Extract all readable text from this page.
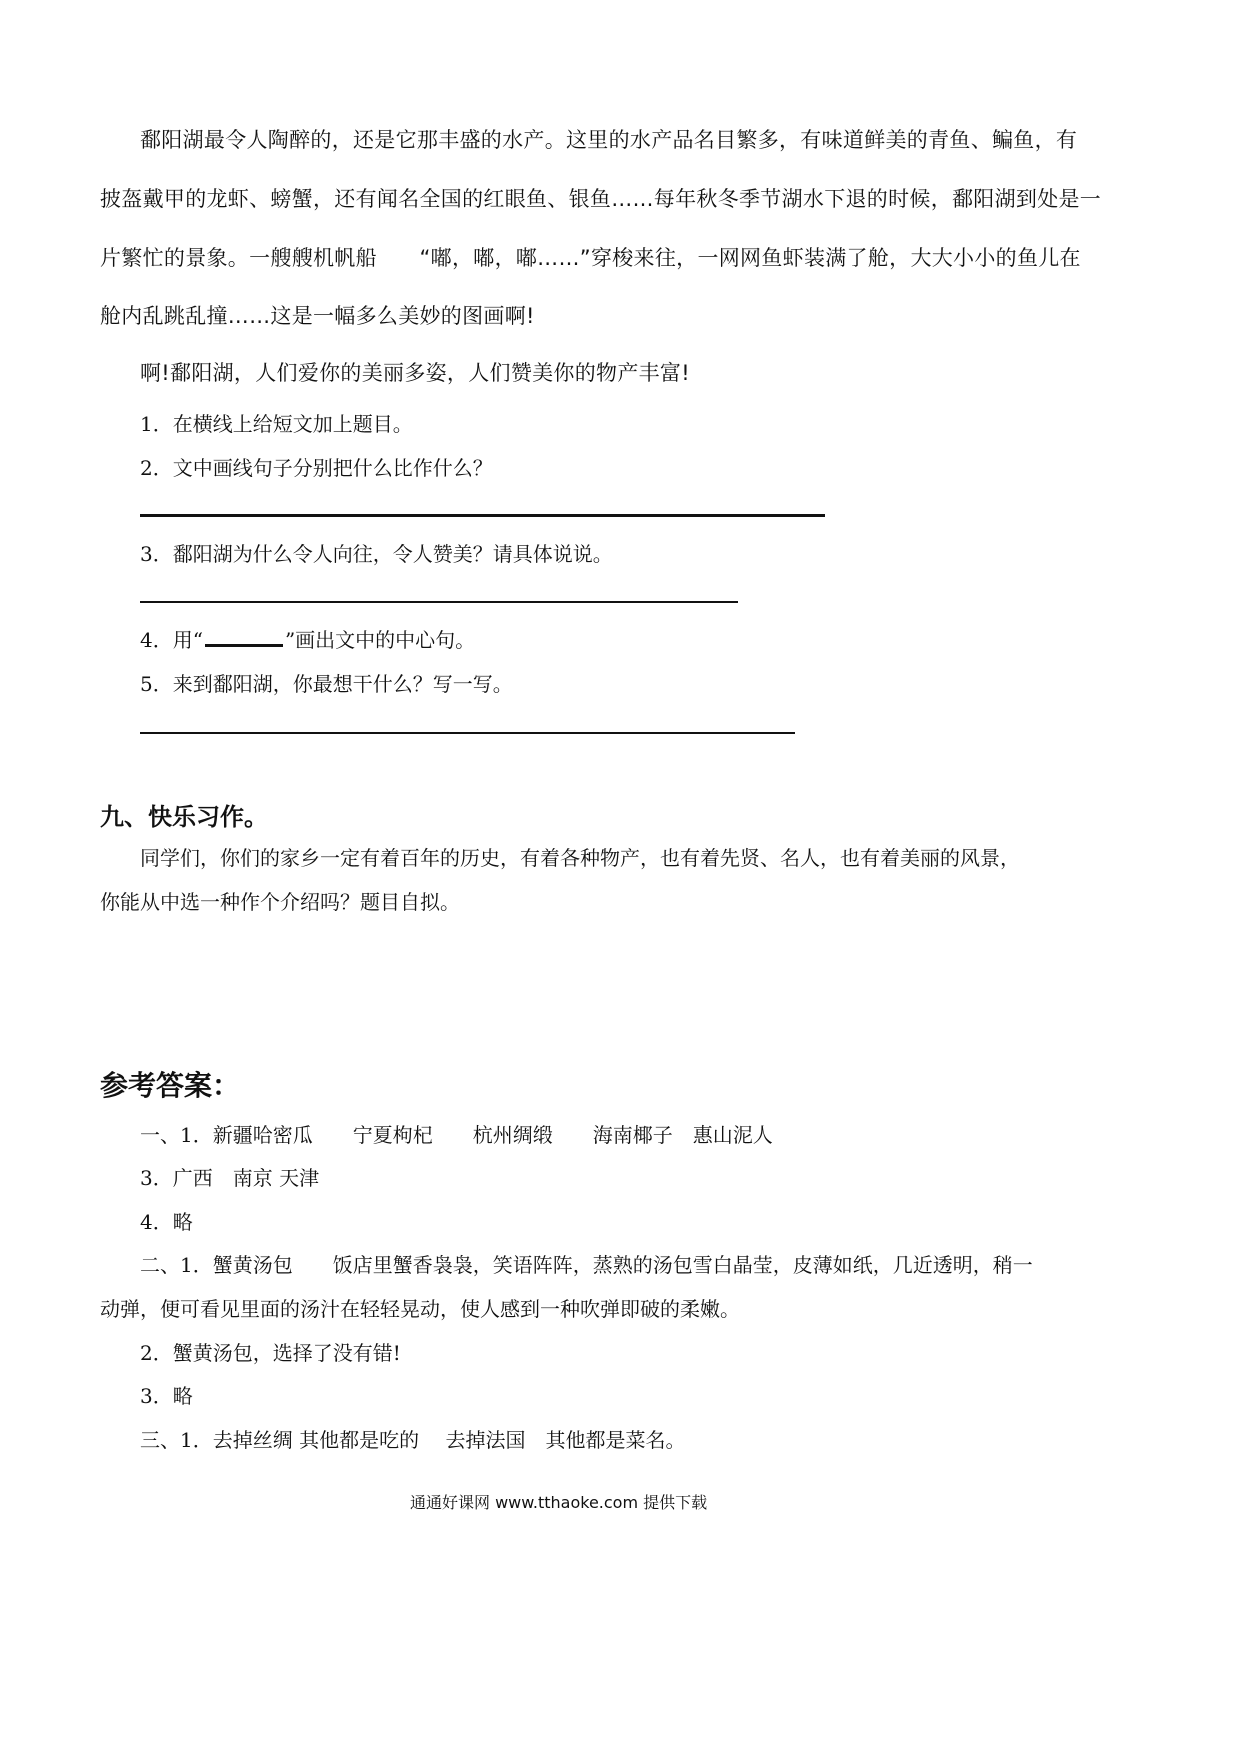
鄱阳湖最令人陶醉的，还是它那丰盛的水产。这里的水产品名目繁多，有味道鲜美的青鱼、鳊鱼，有
披盔戴甲的龙虾、螃蟹，还有闻名全国的红眼鱼、银鱼……每年秋冬季节湖水下退的时候，鄱阳湖到处是一
片繁忙的景象。一艘艘机帆船　　“嘟，嘟，嘟……”穿梭来往，一网网鱼虾装满了舱，大大小小的鱼儿在
舱内乱跳乱撞……这是一幅多么美妙的图画啊!
啊!鄱阳湖，人们爱你的美丽多姿，人们赞美你的物产丰富!
1．在横线上给短文加上题目。
2．文中画线句子分别把什么比作什么？
3．鄱阳湖为什么令人向往，令人赞美？请具体说说。
4．用“	”画出文中的中心句。
5．来到鄱阳湖，你最想干什么？写一写。
九、快乐习作。
同学们，你们的家乡一定有着百年的历史，有着各种物产，也有着先贤、名人，也有着美丽的风景，
你能从中选一种作个介绍吗？题目自拟。
参考答案：
一、1．新疆哈密瓜　　宁夏枸杞　　杭州绸缎　　海南椰子　惠山泥人
3．广西　南京 天津
4．略
二、1．蟹黄汤包　　饭店里蟹香袅袅，笑语阵阵，蒸熟的汤包雪白晶莹，皮薄如纸，几近透明，稍一
动弹，便可看见里面的汤汁在轻轻晃动，使人感到一种吹弹即破的柔嫩。
2．蟹黄汤包，选择了没有错!
3．略
三、1．去掉丝绸 其他都是吃的　 去掉法国　其他都是菜名。
通通好课网 www.tthaoke.com 提供下载
